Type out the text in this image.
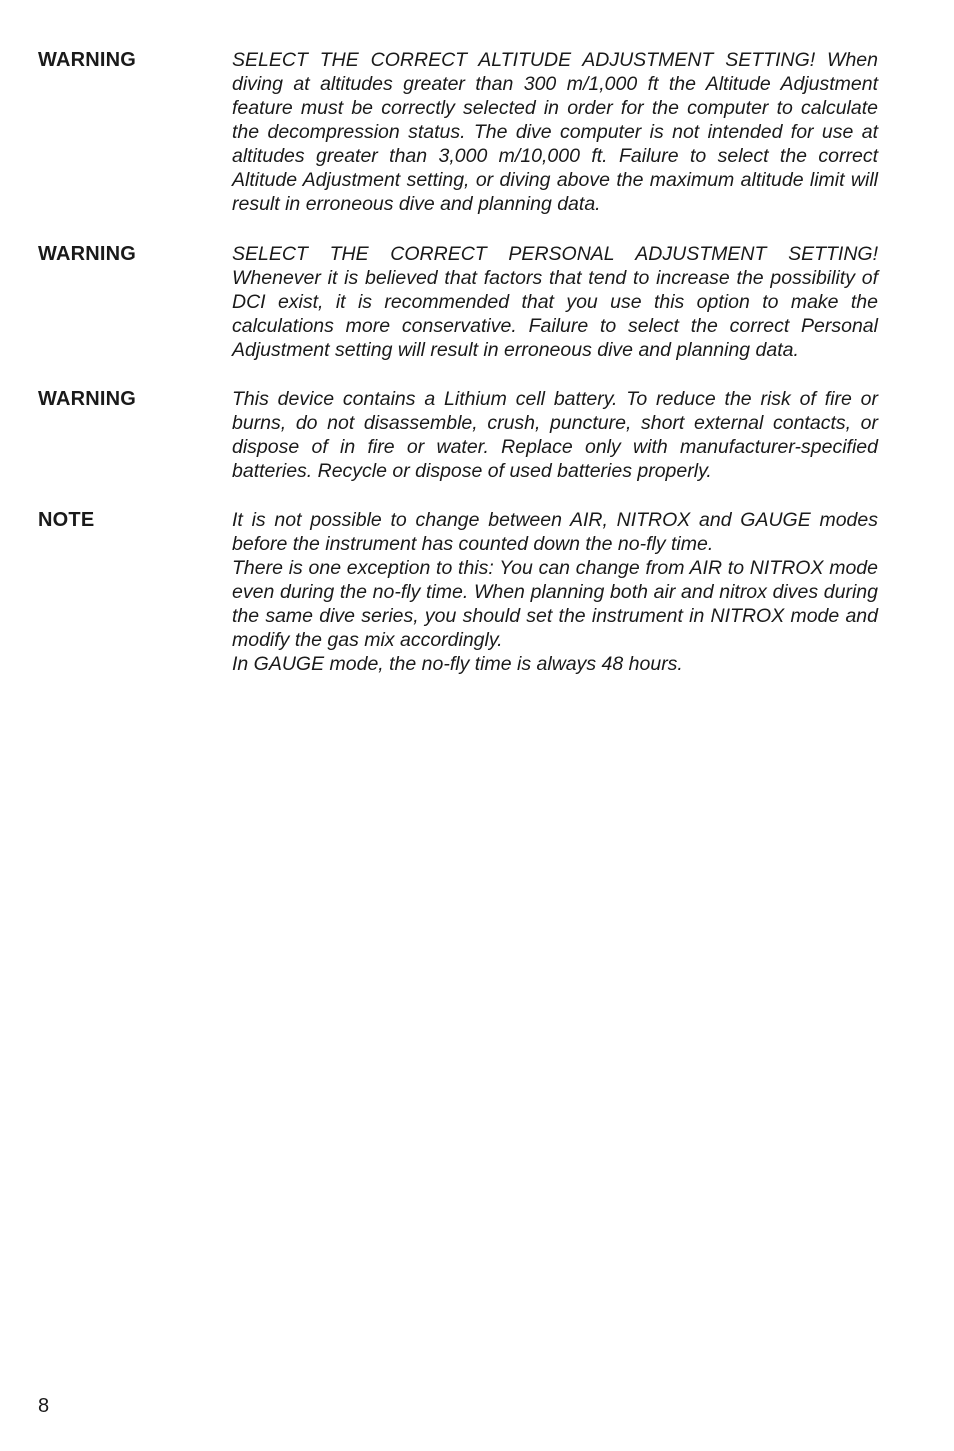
WARNING	SELECT THE CORRECT ALTITUDE ADJUSTMENT SETTING! When diving at altitudes greater than 300 m/1,000 ft the Altitude Adjustment feature must be correctly selected in order for the computer to calculate the decompression status. The dive computer is not intended for use at altitudes greater than 3,000 m/10,000 ft. Failure to select the correct Altitude Adjustment setting, or diving above the maximum altitude limit will result in erroneous dive and planning data.

WARNING	SELECT THE CORRECT PERSONAL ADJUSTMENT SETTING! Whenever it is believed that factors that tend to increase the possibility of DCI exist, it is recommended that you use this option to make the calculations more conservative. Failure to select the correct Personal Adjustment setting will result in erroneous dive and planning data.

WARNING	This device contains a Lithium cell battery. To reduce the risk of fire or burns, do not disassemble, crush, puncture, short external contacts, or dispose of in fire or water. Replace only with manufacturer-specified batteries. Recycle or dispose of used batteries properly.

NOTE	It is not possible to change between AIR, NITROX and GAUGE modes before the instrument has counted down the no-fly time.

There is one exception to this: You can change from AIR to NITROX mode even during the no-fly time. When planning both air and nitrox dives during the same dive series, you should set the instrument in NITROX mode and modify the gas mix accordingly.

In GAUGE mode, the no-fly time is always 48 hours.

8
